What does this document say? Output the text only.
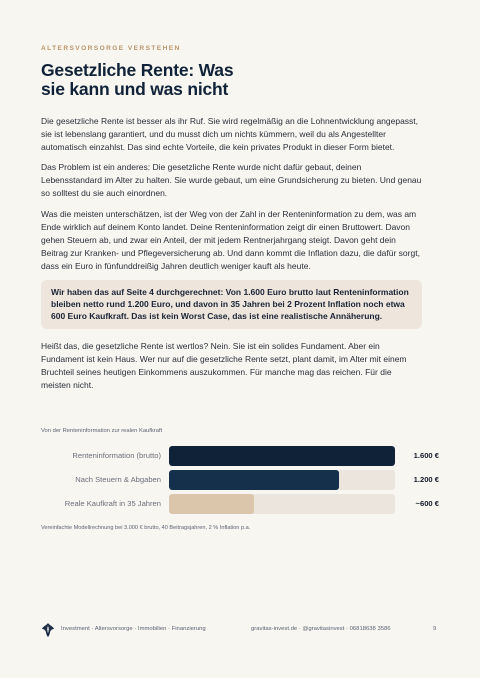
ALTERSVORSORGE VERSTEHEN
Gesetzliche Rente: Was
sie kann und was nicht

Die gesetzliche Rente ist besser als ihr Ruf. Sie wird regelmäßig an die Lohnentwicklung angepasst, sie ist lebenslang garantiert, und du musst dich um nichts kümmern, weil du als Angestellter automatisch einzahlst. Das sind echte Vorteile, die kein privates Produkt in dieser Form bietet.

Das Problem ist ein anderes: Die gesetzliche Rente wurde nicht dafür gebaut, deinen Lebensstandard im Alter zu halten. Sie wurde gebaut, um eine Grundsicherung zu bieten. Und genau so solltest du sie auch einordnen.

Was die meisten unterschätzen, ist der Weg von der Zahl in der Renteninformation zu dem, was am Ende wirklich auf deinem Konto landet. Deine Renteninformation zeigt dir einen Bruttowert. Davon gehen Steuern ab, und zwar ein Anteil, der mit jedem Rentnerjahrgang steigt. Davon geht dein Beitrag zur Kranken- und Pflegeversicherung ab. Und dann kommt die Inflation dazu, die dafür sorgt, dass ein Euro in fünfunddreißig Jahren deutlich weniger kauft als heute.

Wir haben das auf Seite 4 durchgerechnet: Von 1.600 Euro brutto laut Renteninformation bleiben netto rund 1.200 Euro, und davon in 35 Jahren bei 2 Prozent Inflation noch etwa 600 Euro Kaufkraft. Das ist kein Worst Case, das ist eine realistische Annäherung.

Heißt das, die gesetzliche Rente ist wertlos? Nein. Sie ist ein solides Fundament. Aber ein Fundament ist kein Haus. Wer nur auf die gesetzliche Rente setzt, plant damit, im Alter mit einem Bruchteil seines heutigen Einkommens auszukommen. Für manche mag das reichen. Für die meisten nicht.

Von der Renteninformation zur realen Kaufkraft
Renteninformation (brutto)	1.600 €
Nach Steuern & Abgaben	1.200 €
Reale Kaufkraft in 35 Jahren	~600 €
Vereinfachte Modellrechnung bei 3.000 € brutto, 40 Beitragsjahren, 2 % Inflation p.a.
Investment · Altersvorsorge · Immobilien · Finanzierung	gravitas-invest.de · @gravitasinvest · 06818638 3586	9
